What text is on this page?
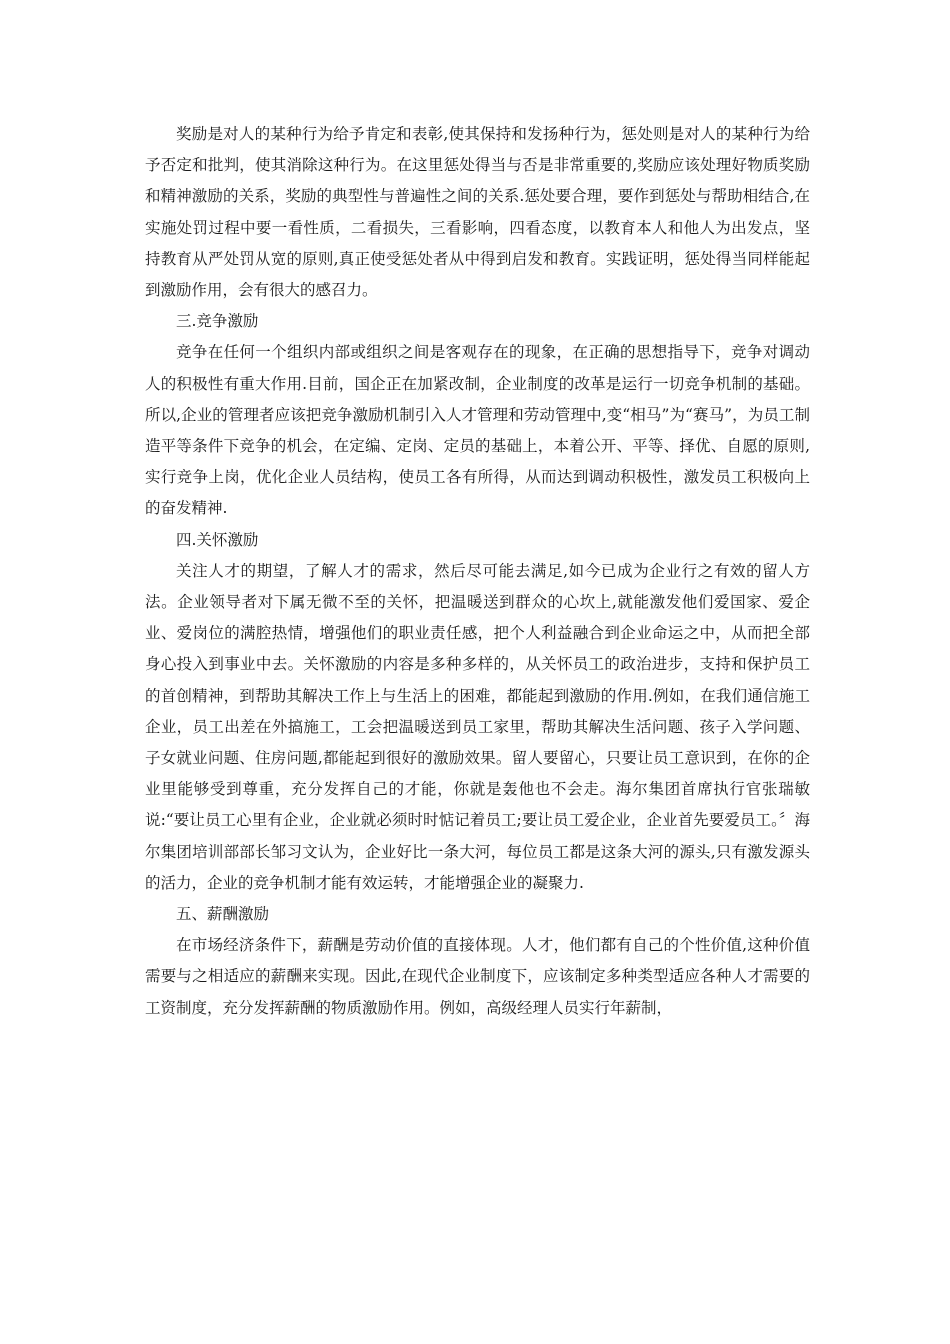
奖励是对人的某种行为给予肯定和表彰,使其保持和发扬种行为，惩处则是对人的某种行为给予否定和批判，使其消除这种行为。在这里惩处得当与否是非常重要的,奖励应该处理好物质奖励和精神激励的关系，奖励的典型性与普遍性之间的关系.惩处要合理，要作到惩处与帮助相结合,在实施处罚过程中要一看性质，二看损失，三看影响，四看态度，以教育本人和他人为出发点，坚持教育从严处罚从宽的原则,真正使受惩处者从中得到启发和教育。实践证明，惩处得当同样能起到激励作用，会有很大的感召力。

三.竞争激励

竞争在任何一个组织内部或组织之间是客观存在的现象，在正确的思想指导下，竞争对调动人的积极性有重大作用.目前，国企正在加紧改制，企业制度的改革是运行一切竞争机制的基础。所以,企业的管理者应该把竞争激励机制引入人才管理和劳动管理中,变“相马”为“赛马”，为员工制造平等条件下竞争的机会，在定编、定岗、定员的基础上，本着公开、平等、择优、自愿的原则,实行竞争上岗，优化企业人员结构，使员工各有所得，从而达到调动积极性，激发员工积极向上的奋发精神.

四.关怀激励

关注人才的期望，了解人才的需求，然后尽可能去满足,如今已成为企业行之有效的留人方法。企业领导者对下属无微不至的关怀，把温暖送到群众的心坎上,就能激发他们爱国家、爱企业、爱岗位的满腔热情，增强他们的职业责任感，把个人利益融合到企业命运之中，从而把全部身心投入到事业中去。关怀激励的内容是多种多样的，从关怀员工的政治进步，支持和保护员工的首创精神，到帮助其解决工作上与生活上的困难，都能起到激励的作用.例如，在我们通信施工企业，员工出差在外搞施工，工会把温暖送到员工家里，帮助其解决生活问题、孩子入学问题、子女就业问题、住房问题,都能起到很好的激励效果。留人要留心，只要让员工意识到，在你的企业里能够受到尊重，充分发挥自己的才能，你就是轰他也不会走。海尔集团首席执行官张瑞敏说:“要让员工心里有企业，企业就必须时时惦记着员工;要让员工爱企业，企业首先要爱员工。〞海尔集团培训部部长邹习文认为，企业好比一条大河，每位员工都是这条大河的源头,只有激发源头的活力，企业的竞争机制才能有效运转，才能增强企业的凝聚力.

五、薪酬激励

在市场经济条件下，薪酬是劳动价值的直接体现。人才，他们都有自己的个性价值,这种价值需要与之相适应的薪酬来实现。因此,在现代企业制度下，应该制定多种类型适应各种人才需要的工资制度，充分发挥薪酬的物质激励作用。例如，高级经理人员实行年薪制，
